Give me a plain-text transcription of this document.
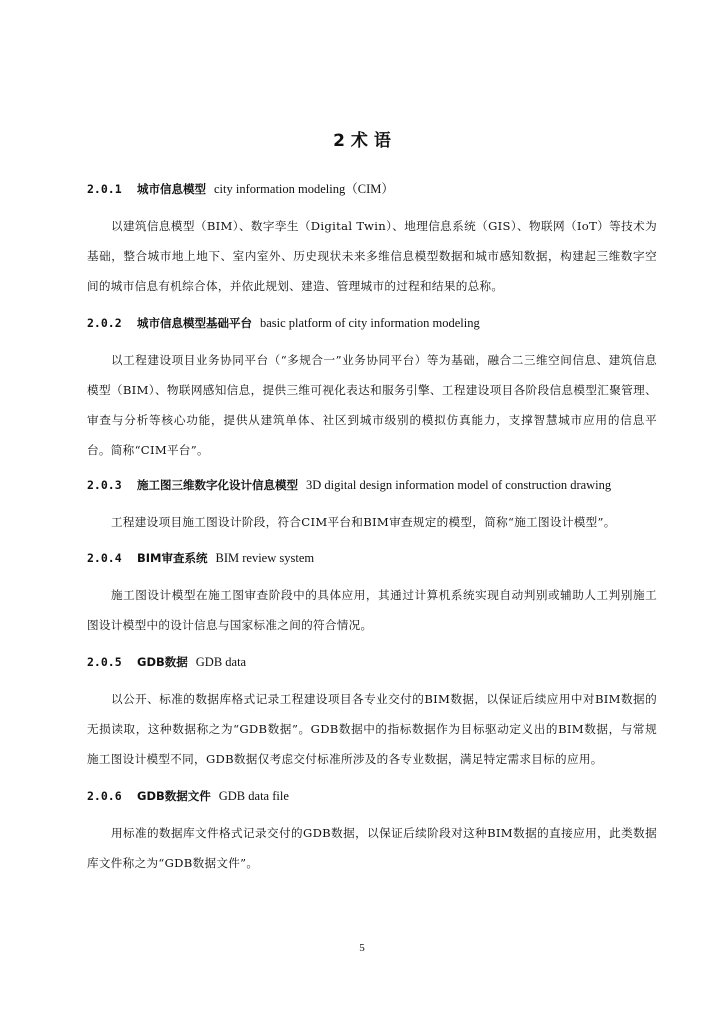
2 术 语
2.0.1 城市信息模型 city information modeling（CIM）
以建筑信息模型（BIM）、数字孪生（Digital Twin）、地理信息系统（GIS）、物联网（IoT）等技术为基础，整合城市地上地下、室内室外、历史现状未来多维信息模型数据和城市感知数据，构建起三维数字空间的城市信息有机综合体，并依此规划、建造、管理城市的过程和结果的总称。
2.0.2 城市信息模型基础平台 basic platform of city information modeling
以工程建设项目业务协同平台（“多规合一”业务协同平台）等为基础，融合二三维空间信息、建筑信息模型（BIM）、物联网感知信息，提供三维可视化表达和服务引擎、工程建设项目各阶段信息模型汇聚管理、审查与分析等核心功能，提供从建筑单体、社区到城市级别的模拟仿真能力，支撑智慧城市应用的信息平台。简称“CIM平台”。
2.0.3 施工图三维数字化设计信息模型 3D digital design information model of construction drawing
工程建设项目施工图设计阶段，符合CIM平台和BIM审查规定的模型，简称“施工图设计模型”。
2.0.4 BIM审查系统 BIM review system
施工图设计模型在施工图审查阶段中的具体应用，其通过计算机系统实现自动判别或辅助人工判别施工图设计模型中的设计信息与国家标准之间的符合情况。
2.0.5 GDB数据 GDB data
以公开、标准的数据库格式记录工程建设项目各专业交付的BIM数据，以保证后续应用中对BIM数据的无损读取，这种数据称之为“GDB数据”。GDB数据中的指标数据作为目标驱动定义出的BIM数据，与常规施工图设计模型不同，GDB数据仅考虑交付标准所涉及的各专业数据，满足特定需求目标的应用。
2.0.6 GDB数据文件 GDB data file
用标准的数据库文件格式记录交付的GDB数据，以保证后续阶段对这种BIM数据的直接应用，此类数据库文件称之为“GDB数据文件”。
5
